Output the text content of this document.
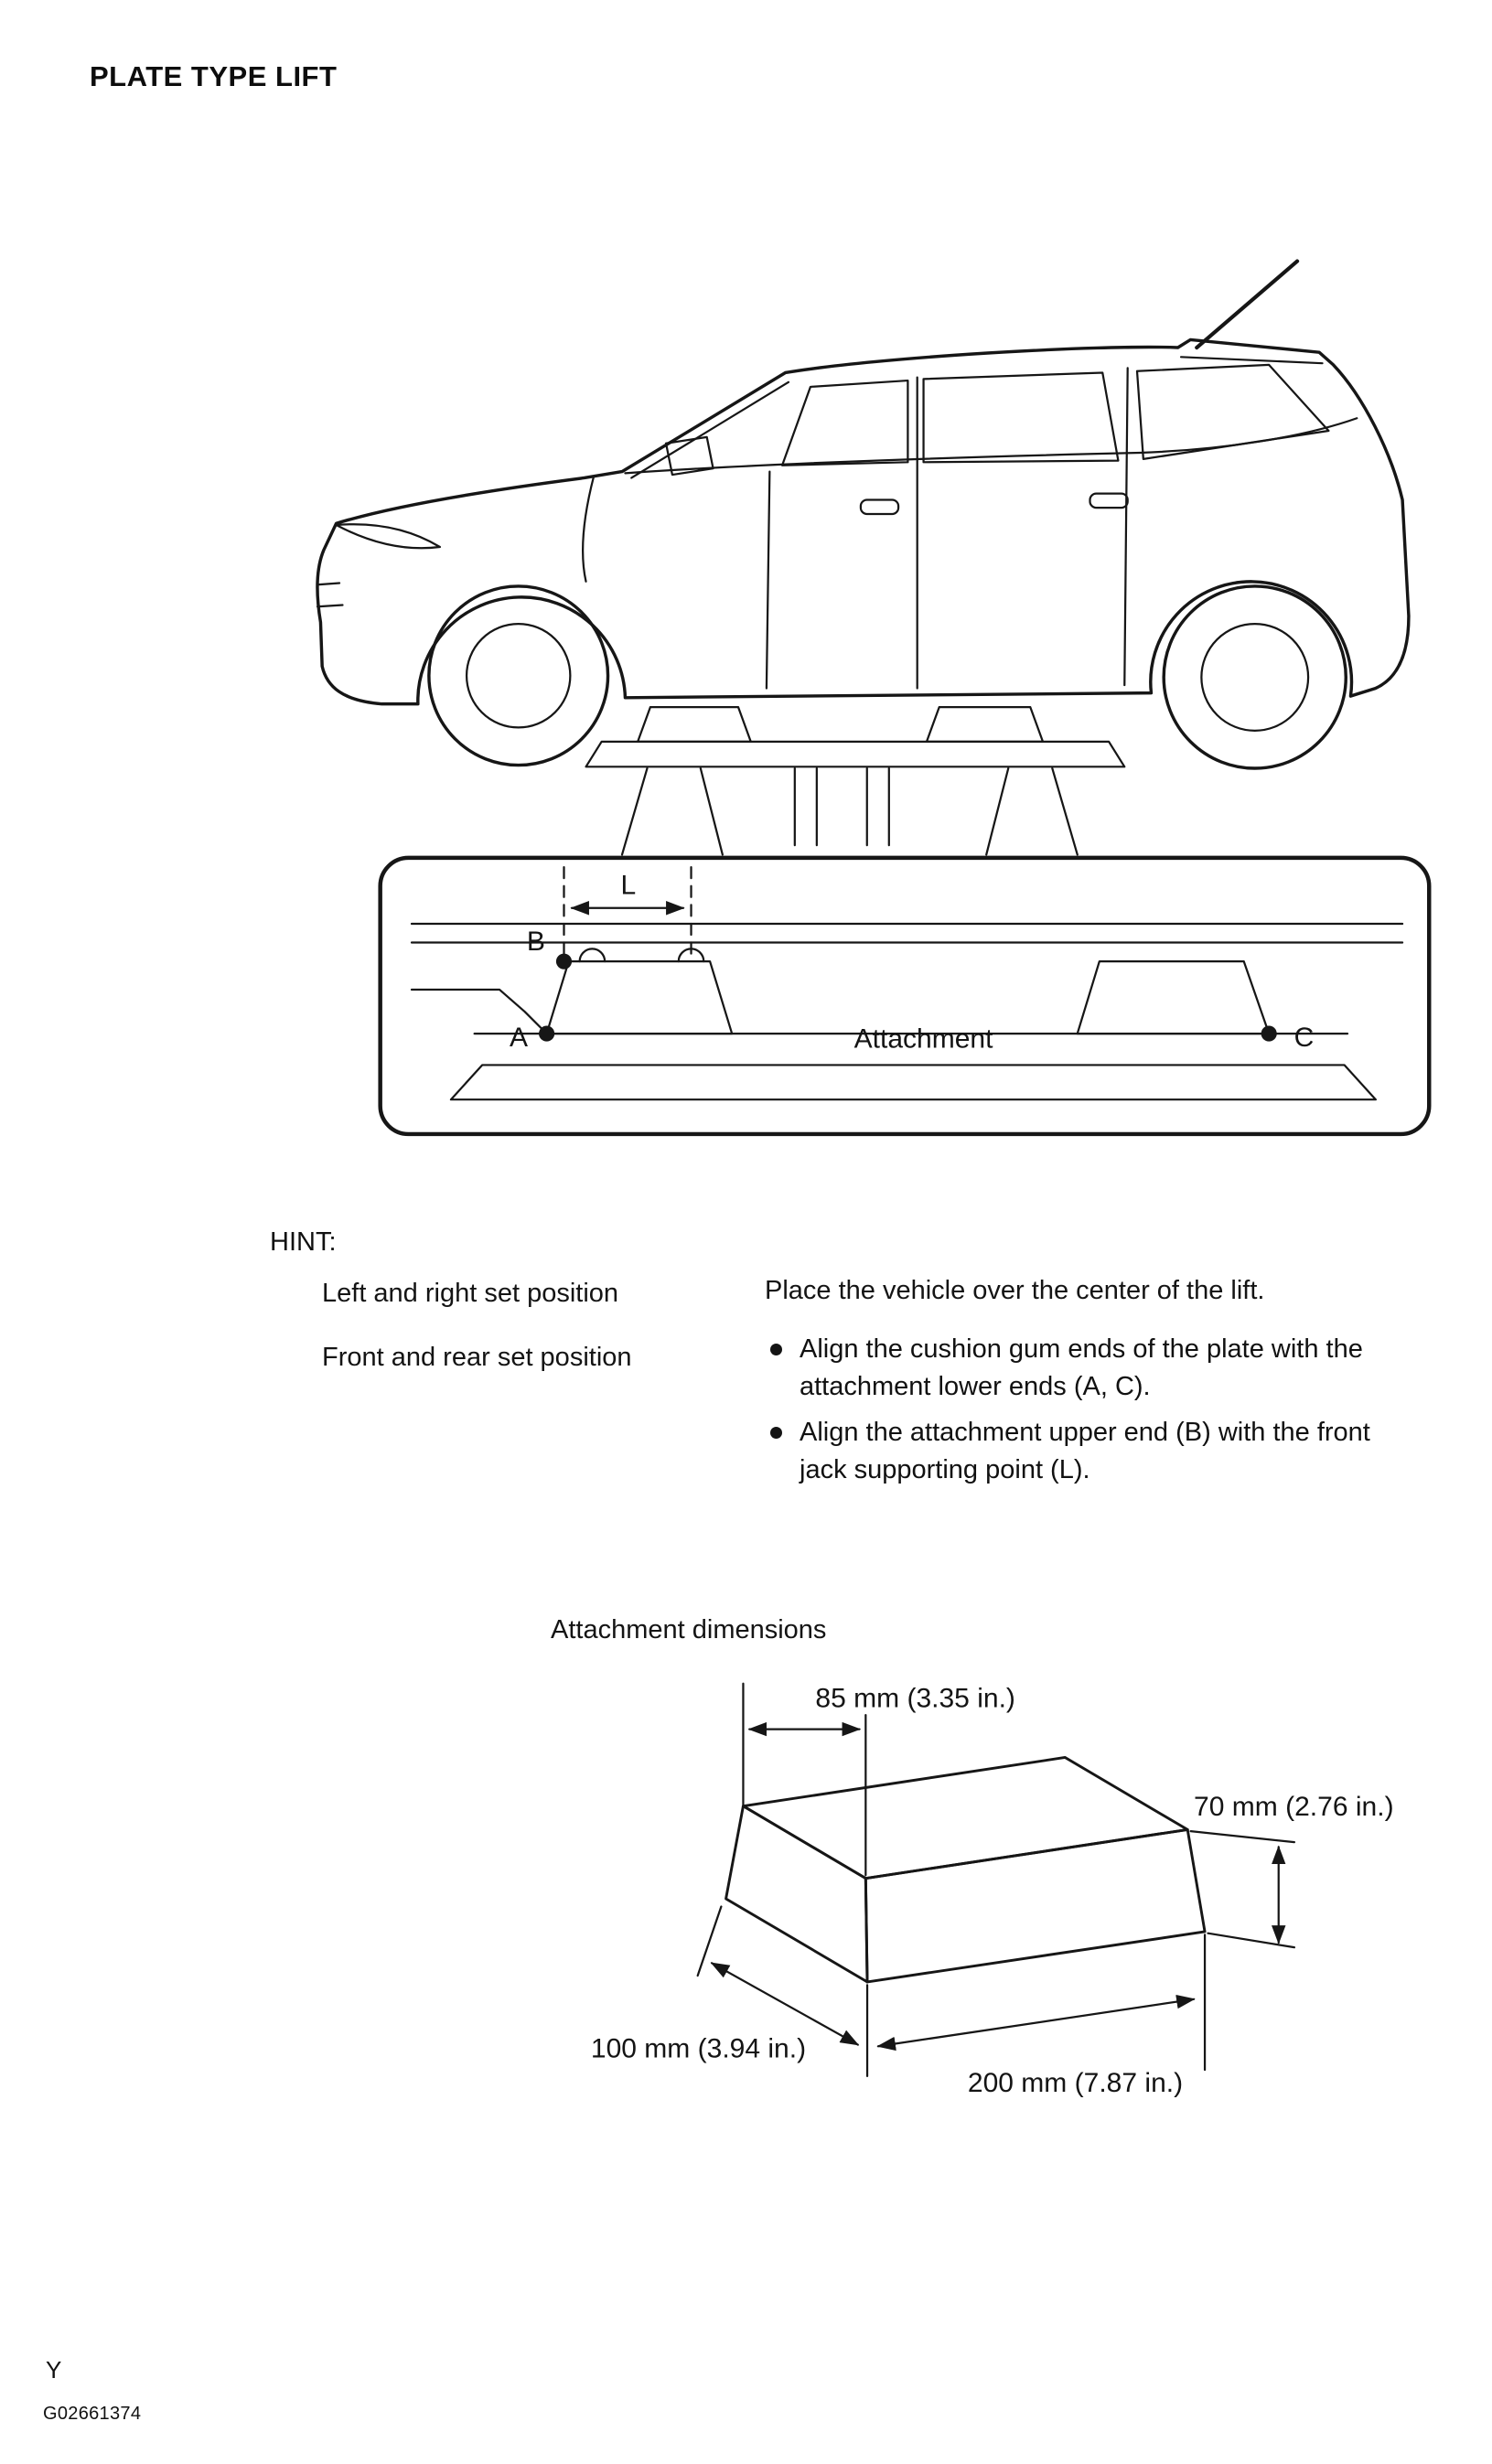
PLATE TYPE LIFT
L
B
A	C
Attachment
HINT:
Left and right set position	Place the vehicle over the center of the lift.
Front and rear set position	Align the cushion gum ends of the plate with the attachment lower ends (A, C).
Align the attachment upper end (B) with the front jack supporting point (L).
Attachment dimensions
85 mm (3.35 in.)
70 mm (2.76 in.)
100 mm (3.94 in.)
200 mm (7.87 in.)
Y
G02661374
